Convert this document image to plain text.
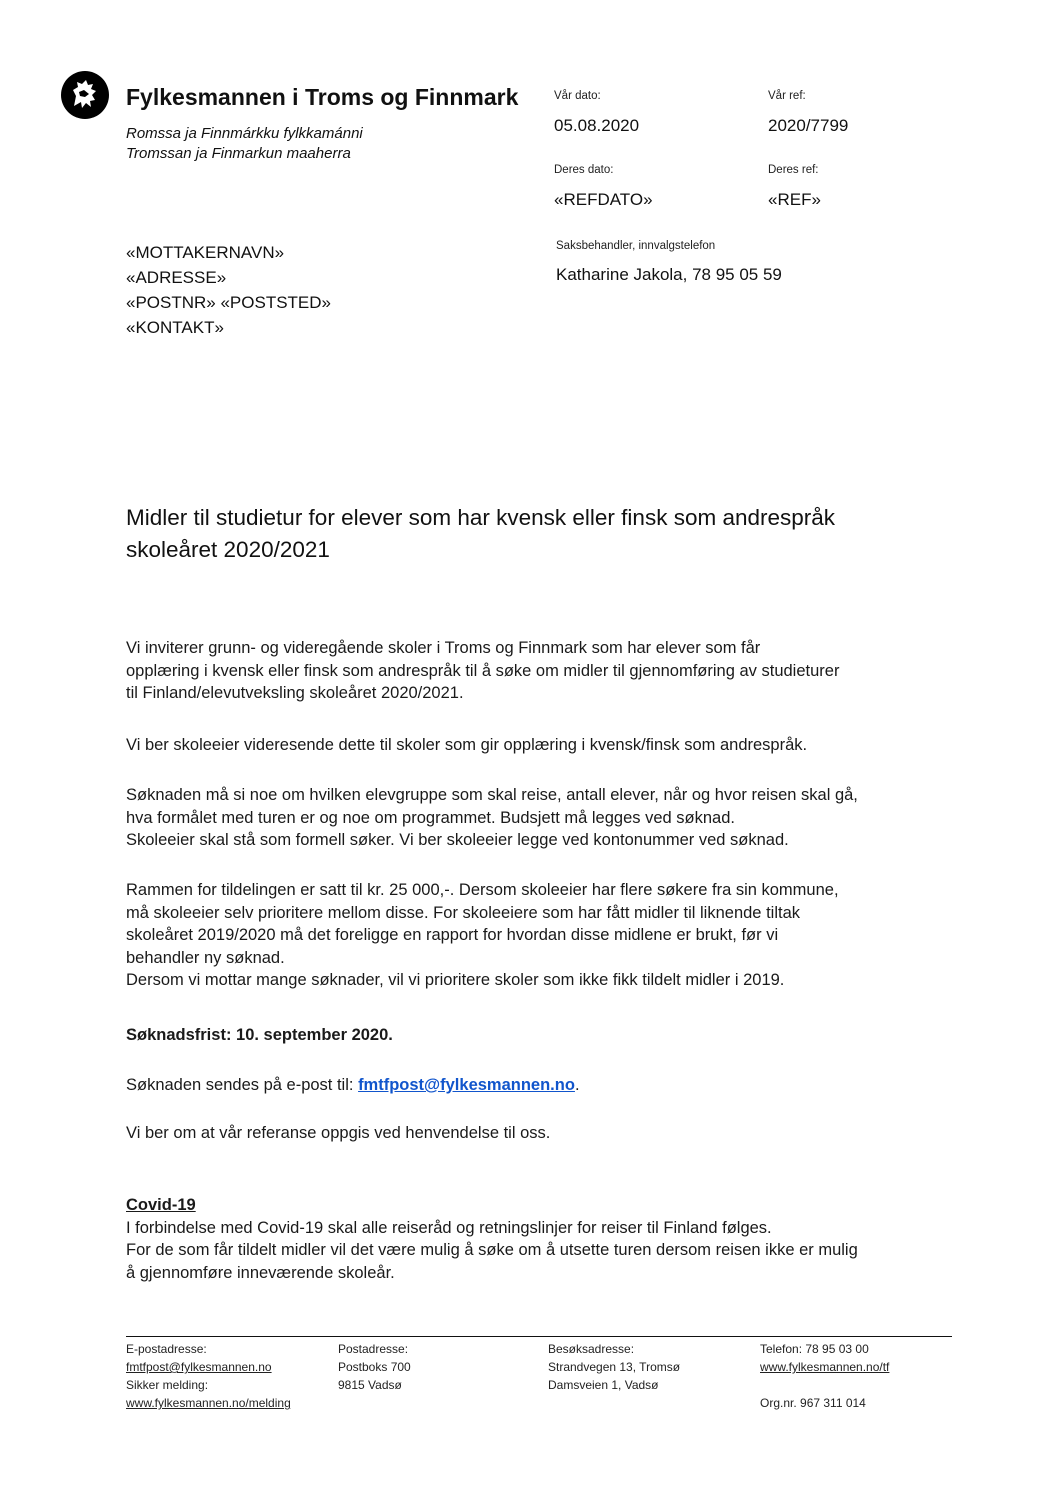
Fylkesmannen i Troms og Finnmark
Romssa ja Finnmárkku fylkkamánni
Tromssan ja Finmarkun maaherra
Vår dato:
05.08.2020
Vår ref:
2020/7799
Deres dato:
«REFDATO»
Deres ref:
«REF»
Saksbehandler, innvalgstelefon
Katharine Jakola, 78 95 05 59
«MOTTAKERNAVN»
«ADRESSE»
«POSTNR» «POSTSTED»
«KONTAKT»
Midler til studietur for elever som har kvensk eller finsk som andrespråk
skoleåret 2020/2021
Vi inviterer grunn- og videregående skoler i Troms og Finnmark som har elever som får
opplæring i kvensk eller finsk som andrespråk til å søke om midler til gjennomføring av studieturer
til Finland/elevutveksling skoleåret 2020/2021.
Vi ber skoleeier videresende dette til skoler som gir opplæring i kvensk/finsk som andrespråk.
Søknaden må si noe om hvilken elevgruppe som skal reise, antall elever, når og hvor reisen skal gå,
hva formålet med turen er og noe om programmet. Budsjett må legges ved søknad.
Skoleeier skal stå som formell søker. Vi ber skoleeier legge ved kontonummer ved søknad.
Rammen for tildelingen er satt til kr. 25 000,-. Dersom skoleeier har flere søkere fra sin kommune,
må skoleeier selv prioritere mellom disse. For skoleeiere som har fått midler til liknende tiltak
skoleåret 2019/2020 må det foreligge en rapport for hvordan disse midlene er brukt, før vi
behandler ny søknad.
Dersom vi mottar mange søknader, vil vi prioritere skoler som ikke fikk tildelt midler i 2019.
Søknadsfrist: 10. september 2020.
Søknaden sendes på e-post til: fmtfpost@fylkesmannen.no.
Vi ber om at vår referanse oppgis ved henvendelse til oss.
Covid-19
I forbindelse med Covid-19 skal alle reiseråd og retningslinjer for reiser til Finland følges.
For de som får tildelt midler vil det være mulig å søke om å utsette turen dersom reisen ikke er mulig
å gjennomføre inneværende skoleår.
E-postadresse:
fmtfpost@fylkesmannen.no
Sikker melding:
www.fylkesmannen.no/melding
Postadresse:
Postboks 700
9815 Vadsø
Besøksadresse:
Strandvegen 13, Tromsø
Damsveien 1, Vadsø
Telefon: 78 95 03 00
www.fylkesmannen.no/tf
Org.nr. 967 311 014
